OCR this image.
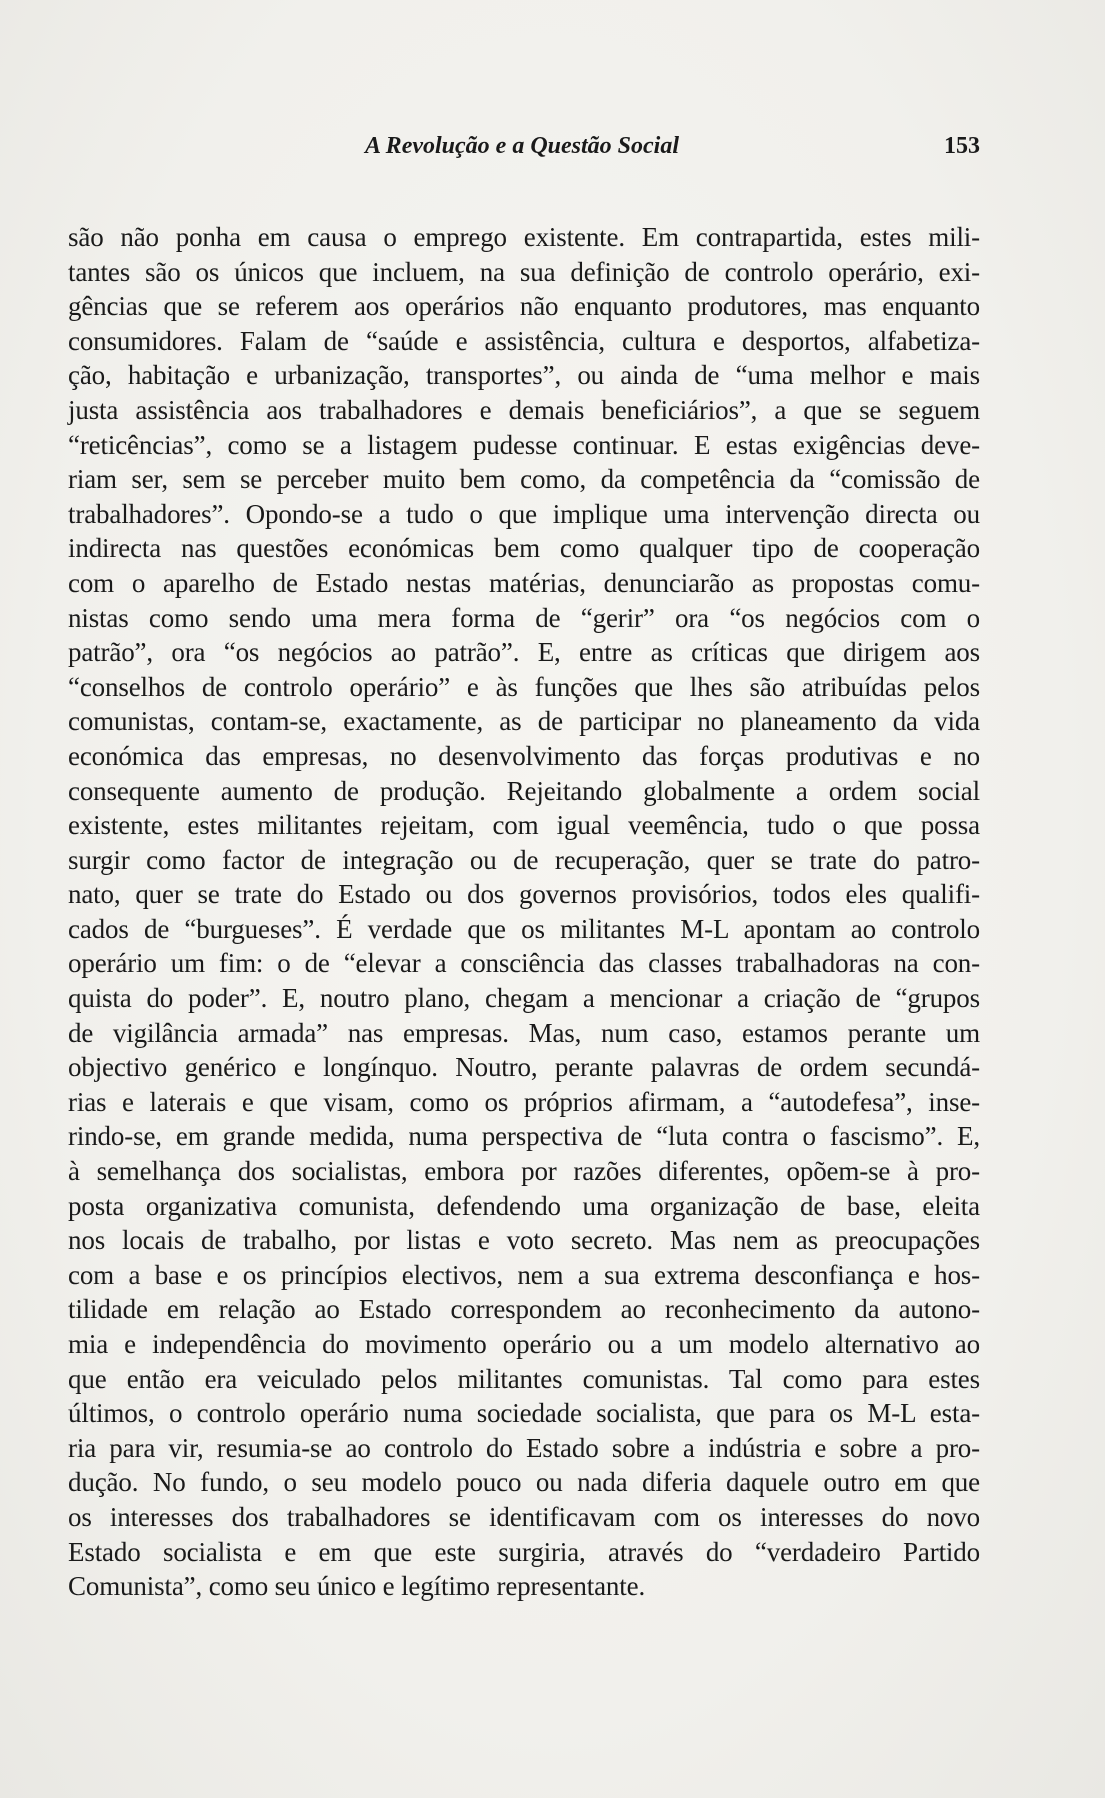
A Revolução e a Questão Social	153
são não ponha em causa o emprego existente. Em contrapartida, estes mili-
tantes são os únicos que incluem, na sua definição de controlo operário, exi-
gências que se referem aos operários não enquanto produtores, mas enquanto
consumidores. Falam de “saúde e assistência, cultura e desportos, alfabetiza-
ção, habitação e urbanização, transportes”, ou ainda de “uma melhor e mais
justa assistência aos trabalhadores e demais beneficiários”, a que se seguem
“reticências”, como se a listagem pudesse continuar. E estas exigências deve-
riam ser, sem se perceber muito bem como, da competência da “comissão de
trabalhadores”. Opondo-se a tudo o que implique uma intervenção directa ou
indirecta nas questões económicas bem como qualquer tipo de cooperação
com o aparelho de Estado nestas matérias, denunciarão as propostas comu-
nistas como sendo uma mera forma de “gerir” ora “os negócios com o
patrão”, ora “os negócios ao patrão”. E, entre as críticas que dirigem aos
“conselhos de controlo operário” e às funções que lhes são atribuídas pelos
comunistas, contam-se, exactamente, as de participar no planeamento da vida
económica das empresas, no desenvolvimento das forças produtivas e no
consequente aumento de produção. Rejeitando globalmente a ordem social
existente, estes militantes rejeitam, com igual veemência, tudo o que possa
surgir como factor de integração ou de recuperação, quer se trate do patro-
nato, quer se trate do Estado ou dos governos provisórios, todos eles qualifi-
cados de “burgueses”. É verdade que os militantes M-L apontam ao controlo
operário um fim: o de “elevar a consciência das classes trabalhadoras na con-
quista do poder”. E, noutro plano, chegam a mencionar a criação de “grupos
de vigilância armada” nas empresas. Mas, num caso, estamos perante um
objectivo genérico e longínquo. Noutro, perante palavras de ordem secundá-
rias e laterais e que visam, como os próprios afirmam, a “autodefesa”, inse-
rindo-se, em grande medida, numa perspectiva de “luta contra o fascismo”. E,
à semelhança dos socialistas, embora por razões diferentes, opõem-se à pro-
posta organizativa comunista, defendendo uma organização de base, eleita
nos locais de trabalho, por listas e voto secreto. Mas nem as preocupações
com a base e os princípios electivos, nem a sua extrema desconfiança e hos-
tilidade em relação ao Estado correspondem ao reconhecimento da autono-
mia e independência do movimento operário ou a um modelo alternativo ao
que então era veiculado pelos militantes comunistas. Tal como para estes
últimos, o controlo operário numa sociedade socialista, que para os M-L esta-
ria para vir, resumia-se ao controlo do Estado sobre a indústria e sobre a pro-
dução. No fundo, o seu modelo pouco ou nada diferia daquele outro em que
os interesses dos trabalhadores se identificavam com os interesses do novo
Estado socialista e em que este surgiria, através do “verdadeiro Partido
Comunista”, como seu único e legítimo representante.
